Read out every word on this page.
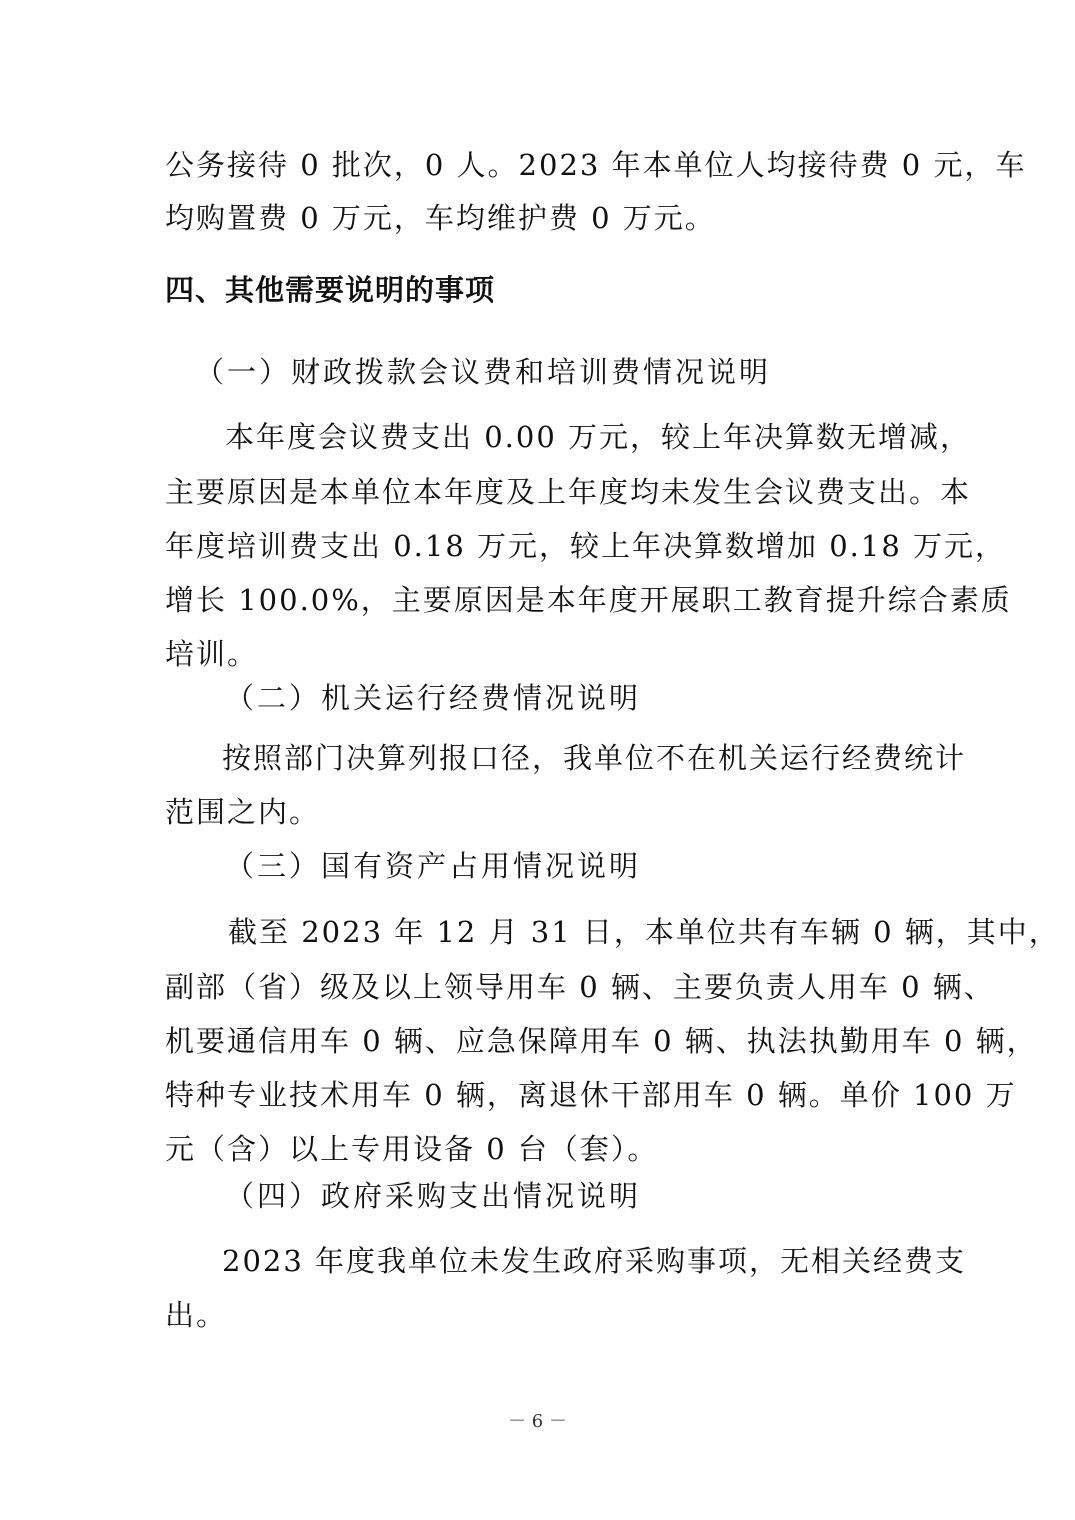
公务接待 0 批次，0 人。2023 年本单位人均接待费 0 元，车
均购置费 0 万元，车均维护费 0 万元。
四、其他需要说明的事项
（一）财政拨款会议费和培训费情况说明
本年度会议费支出 0.00 万元，较上年决算数无增减，
主要原因是本单位本年度及上年度均未发生会议费支出。本
年度培训费支出 0.18 万元，较上年决算数增加 0.18 万元，
增长 100.0%，主要原因是本年度开展职工教育提升综合素质
培训。
（二）机关运行经费情况说明
按照部门决算列报口径，我单位不在机关运行经费统计
范围之内。
（三）国有资产占用情况说明
截至 2023 年 12 月 31 日，本单位共有车辆 0 辆，其中，
副部（省）级及以上领导用车 0 辆、主要负责人用车 0 辆、
机要通信用车 0 辆、应急保障用车 0 辆、执法执勤用车 0 辆，
特种专业技术用车 0 辆，离退休干部用车 0 辆。单价 100 万
元（含）以上专用设备 0 台（套）。
（四）政府采购支出情况说明
2023 年度我单位未发生政府采购事项，无相关经费支
出。
－ 6 －
